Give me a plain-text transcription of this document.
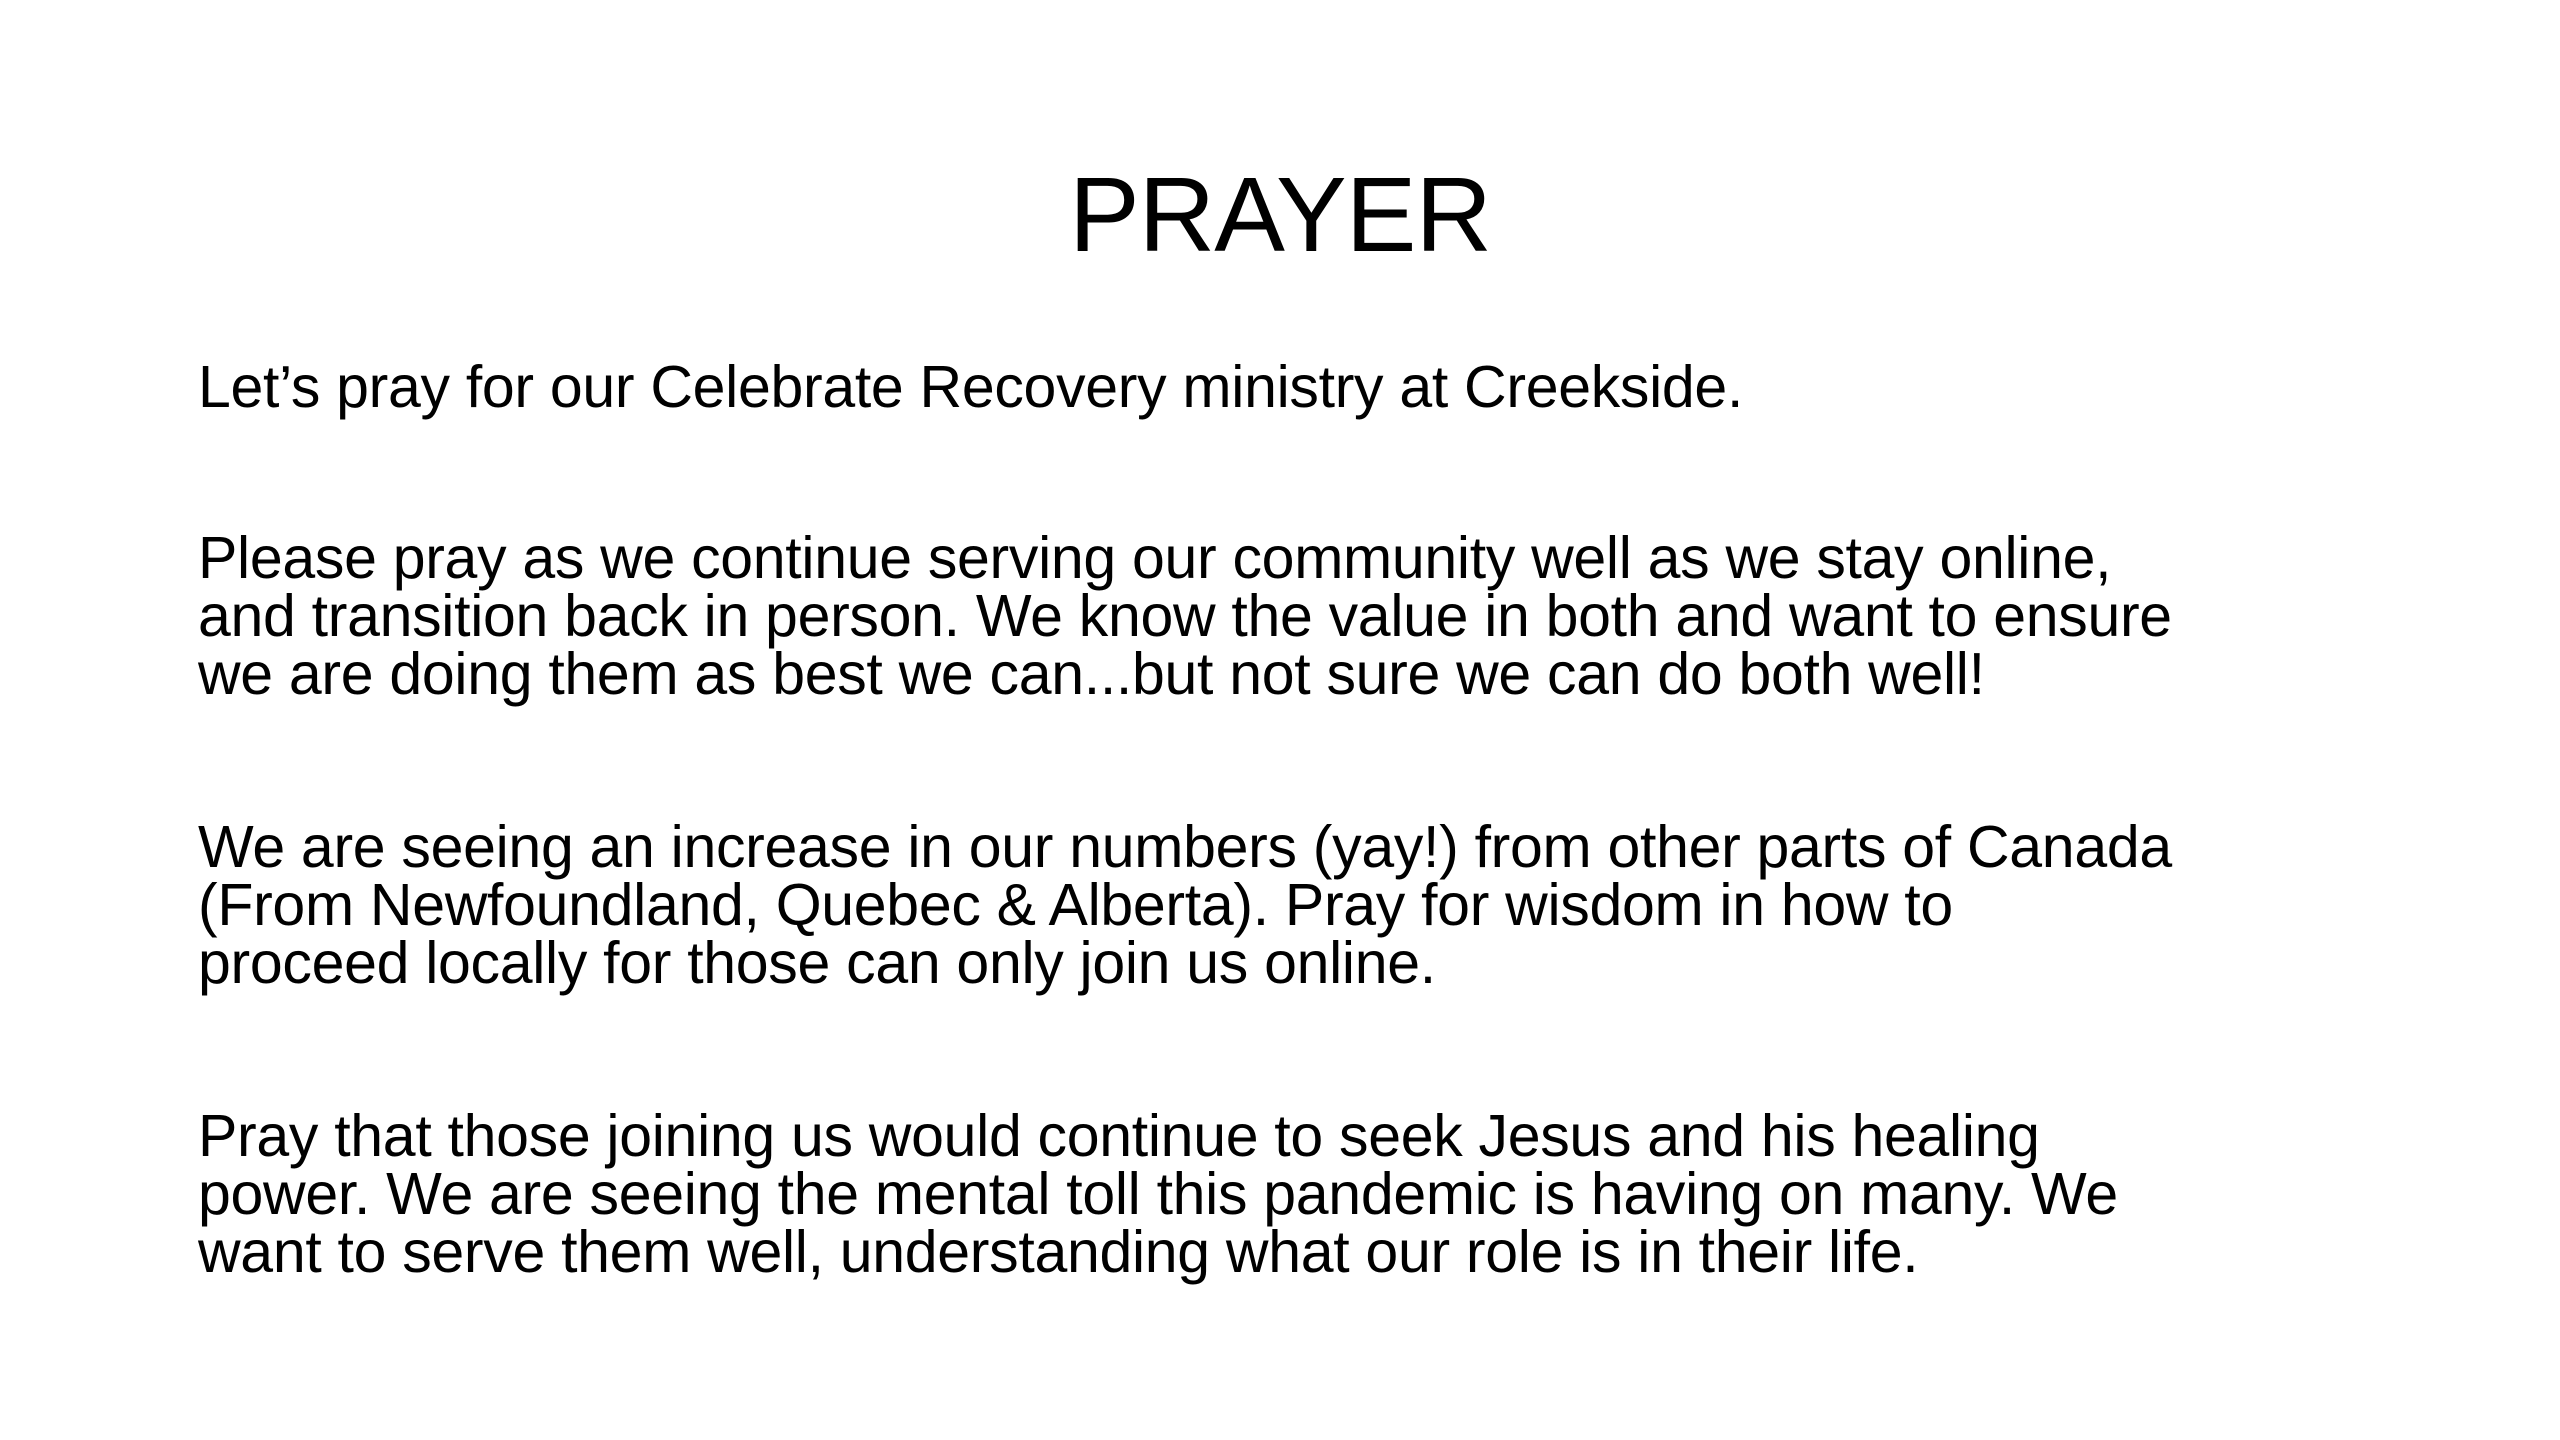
PRAYER

Let’s pray for our Celebrate Recovery ministry at Creekside.

Please pray as we continue serving our community well as we stay online,
and transition back in person. We know the value in both and want to ensure
we are doing them as best we can...but not sure we can do both well!

We are seeing an increase in our numbers (yay!) from other parts of Canada
(From Newfoundland, Quebec & Alberta). Pray for wisdom in how to
proceed locally for those can only join us online.

Pray that those joining us would continue to seek Jesus and his healing
power. We are seeing the mental toll this pandemic is having on many. We
want to serve them well, understanding what our role is in their life.
